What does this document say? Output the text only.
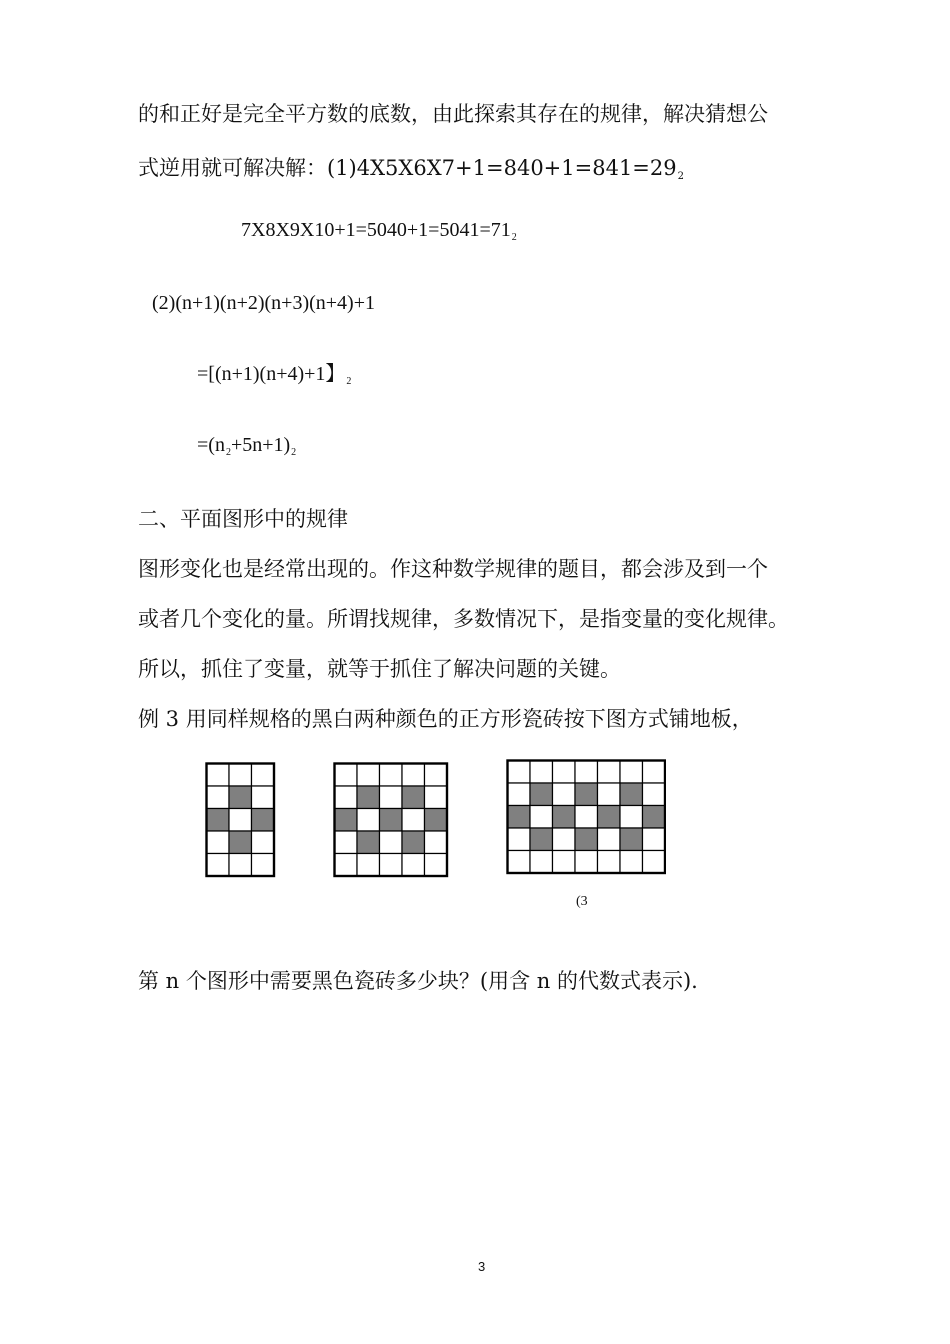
的和正好是完全平方数的底数，由此探索其存在的规律，解决猜想公
式逆用就可解决解：$(1)4X5X6X7+1=840+1=841=29_2$
$7X8X9X10+1=5040+1=5041=71_2$
(2)(n+1)(n+2)(n+3)(n+4)+1
=[(n+1)(n+4)+1】$_2$
$=(n_2+5n+1)_2$
二、平面图形中的规律
图形变化也是经常出现的。作这种数学规律的题目，都会涉及到一个
或者几个变化的量。所谓找规律，多数情况下，是指变量的变化规律。
所以，抓住了变量，就等于抓住了解决问题的关键。
例 3 用同样规格的黑白两种颜色的正方形瓷砖按下图方式铺地板，
(3
第 n 个图形中需要黑色瓷砖多少块？(用含 n 的代数式表示).
3
